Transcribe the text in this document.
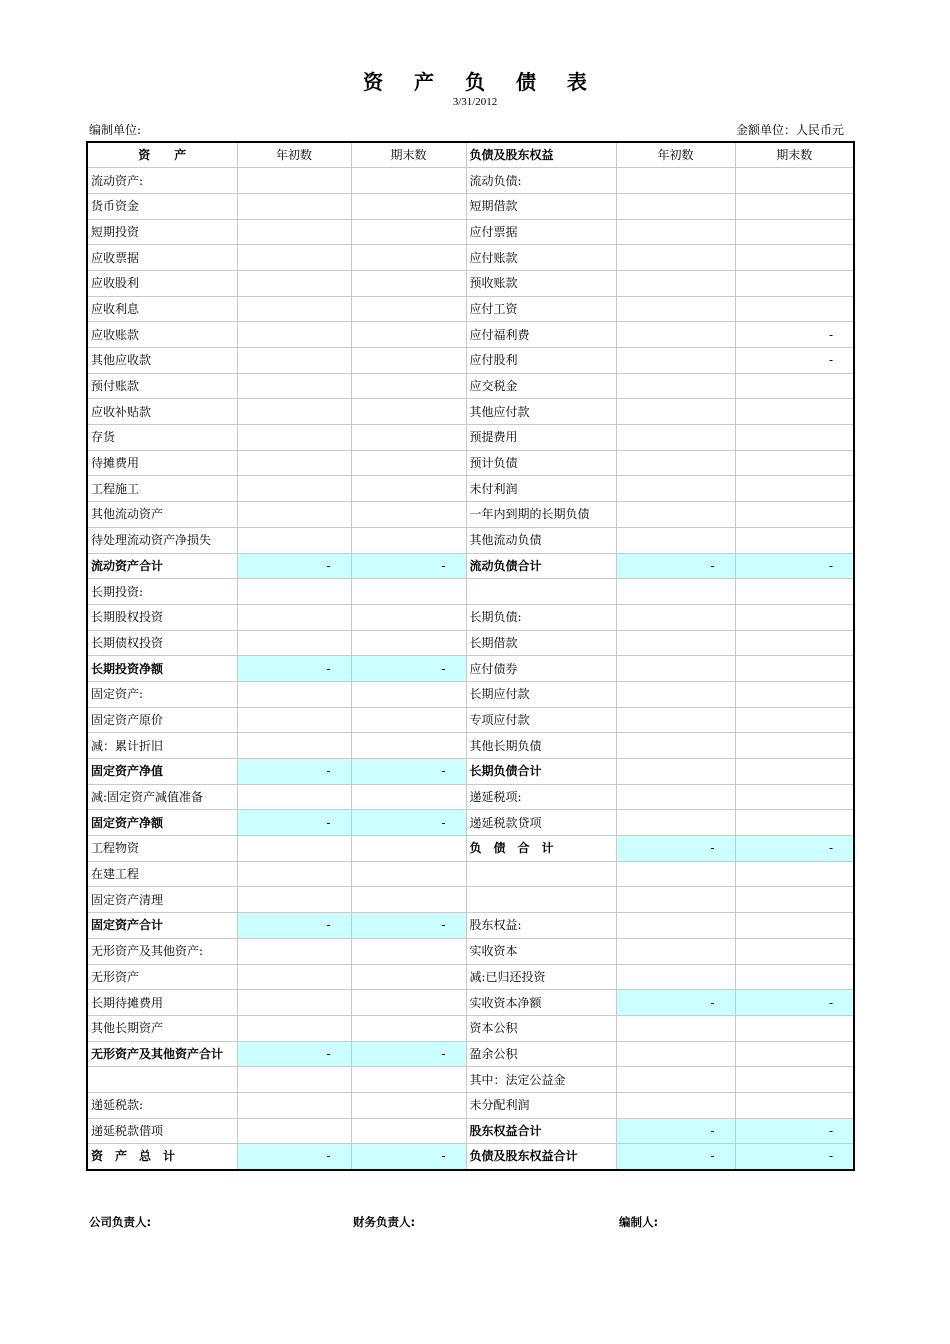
资 产 负 债 表
3/31/2012
编制单位:	金额单位：人民币元
资　　产	年初数	期末数	负债及股东权益	年初数	期末数
流动资产:			流动负债:		
货币资金			短期借款		
短期投资			应付票据		
应收票据			应付账款		
应收股利			预收账款		
应收利息			应付工资		
应收账款			应付福利费		-
其他应收款			应付股利		-
预付账款			应交税金		
应收补贴款			其他应付款		
存货			预提费用		
待摊费用			预计负债		
工程施工			未付利润		
其他流动资产			一年内到期的长期负债		
待处理流动资产净损失			其他流动负债		
流动资产合计	-	-	流动负债合计	-	-
长期投资:					
长期股权投资			长期负债:		
长期债权投资			长期借款		
长期投资净额	-	-	应付债券		
固定资产:			长期应付款		
固定资产原价			专项应付款		
减：累计折旧			其他长期负债		
固定资产净值	-	-	长期负债合计		
减:固定资产减值准备			递延税项:		
固定资产净额	-	-	递延税款贷项		
工程物资			负　债　合　计	-	-
在建工程					
固定资产清理					
固定资产合计	-	-	股东权益:		
无形资产及其他资产:			实收资本		
无形资产			减:已归还投资		
长期待摊费用			实收资本净额	-	-
其他长期资产			资本公积		
无形资产及其他资产合计	-	-	盈余公积		
			其中：法定公益金		
递延税款:			未分配利润		
递延税款借项			股东权益合计	-	-
资　产　总　计	-	-	负债及股东权益合计	-	-
公司负责人:	财务负责人:	编制人:
